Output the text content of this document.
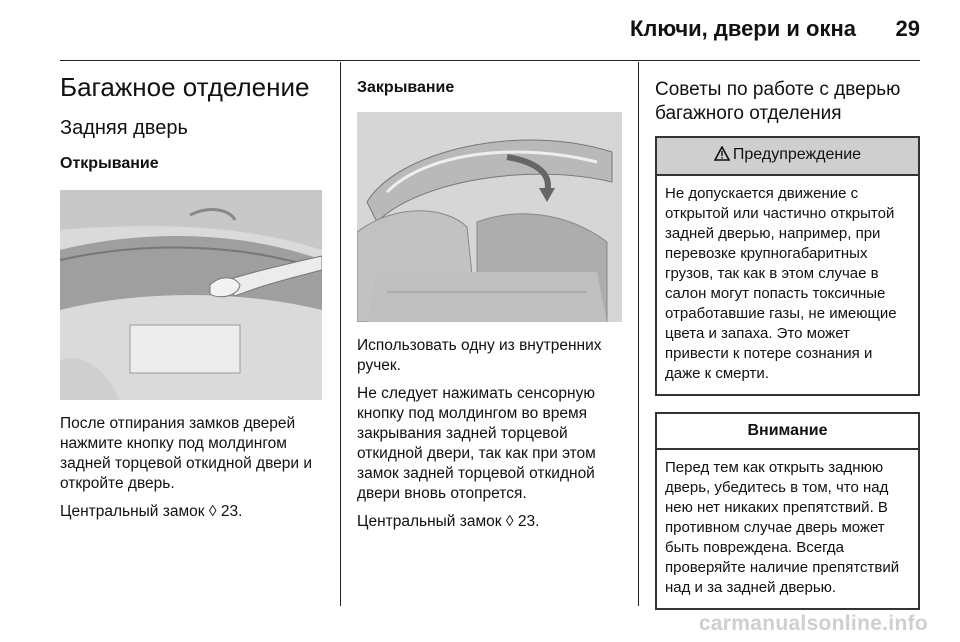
Ключи, двери и окна 29
Багажное отделение
Задняя дверь
Открывание

После отпирания замков дверей нажмите кнопку под молдингом задней торцевой откидной двери и откройте дверь.

Центральный замок ◊ 23.

Закрывание

Использовать одну из внутренних ручек.

Не следует нажимать сенсорную кнопку под молдингом во время закрывания задней торцевой откидной двери, так как при этом замок задней торцевой откидной двери вновь отопрется.

Центральный замок ◊ 23.

Советы по работе с дверью багажного отделения
Предупреждение
Не допускается движение с открытой или частично открытой задней дверью, например, при перевозке крупногабаритных грузов, так как в этом случае в салон могут попасть токсичные отработавшие газы, не имеющие цвета и запаха. Это может привести к потере сознания и даже к смерти.
Внимание
Перед тем как открыть заднюю дверь, убедитесь в том, что над нею нет никаких препятствий. В противном случае дверь может быть повреждена. Всегда проверяйте наличие препятствий над и за задней дверью.
carmanualsonline.info
